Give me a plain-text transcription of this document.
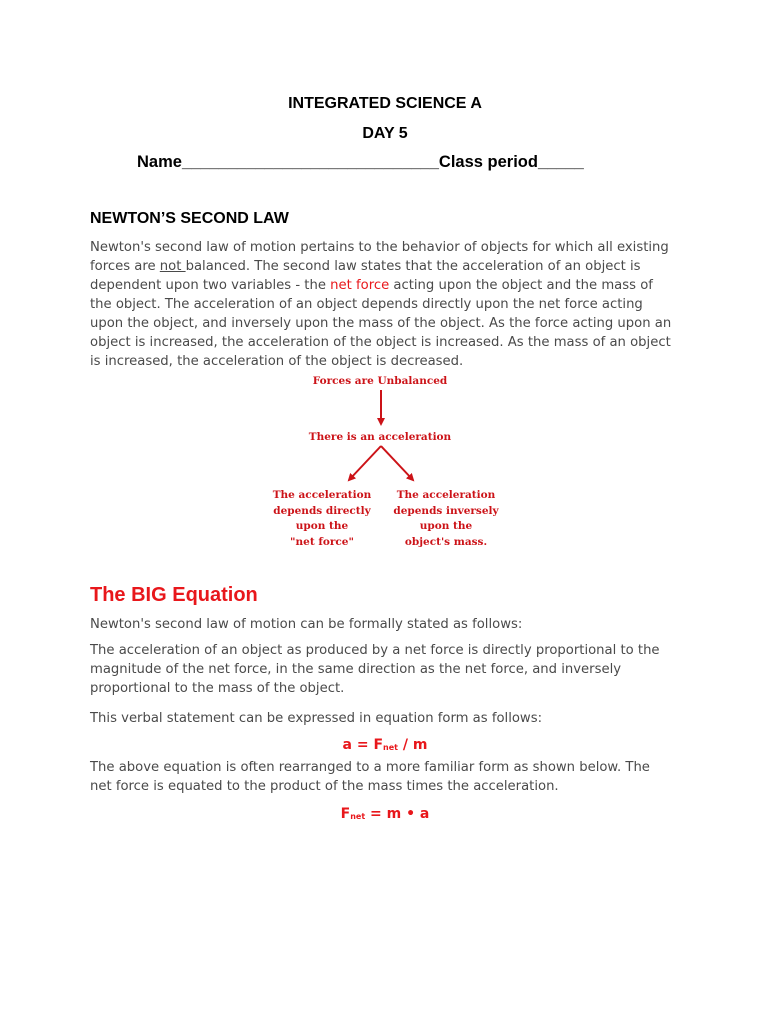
INTEGRATED SCIENCE A
DAY 5
Name____________________________Class period_____
NEWTON’S SECOND LAW
Newton's second law of motion pertains to the behavior of objects for which all existing
forces are not balanced. The second law states that the acceleration of an object is
dependent upon two variables - the net force acting upon the object and the mass of
the object. The acceleration of an object depends directly upon the net force acting
upon the object, and inversely upon the mass of the object. As the force acting upon an
object is increased, the acceleration of the object is increased. As the mass of an object
is increased, the acceleration of the object is decreased.
Forces are Unbalanced
There is an acceleration
The acceleration
depends directly
upon the
"net force"
The acceleration
depends inversely
upon the
object's mass.
The BIG Equation
Newton's second law of motion can be formally stated as follows:
The acceleration of an object as produced by a net force is directly proportional to the
magnitude of the net force, in the same direction as the net force, and inversely
proportional to the mass of the object.
This verbal statement can be expressed in equation form as follows:
$a = F_{net} / m$
The above equation is often rearranged to a more familiar form as shown below. The
net force is equated to the product of the mass times the acceleration.
$F_{net} = m$ • a
